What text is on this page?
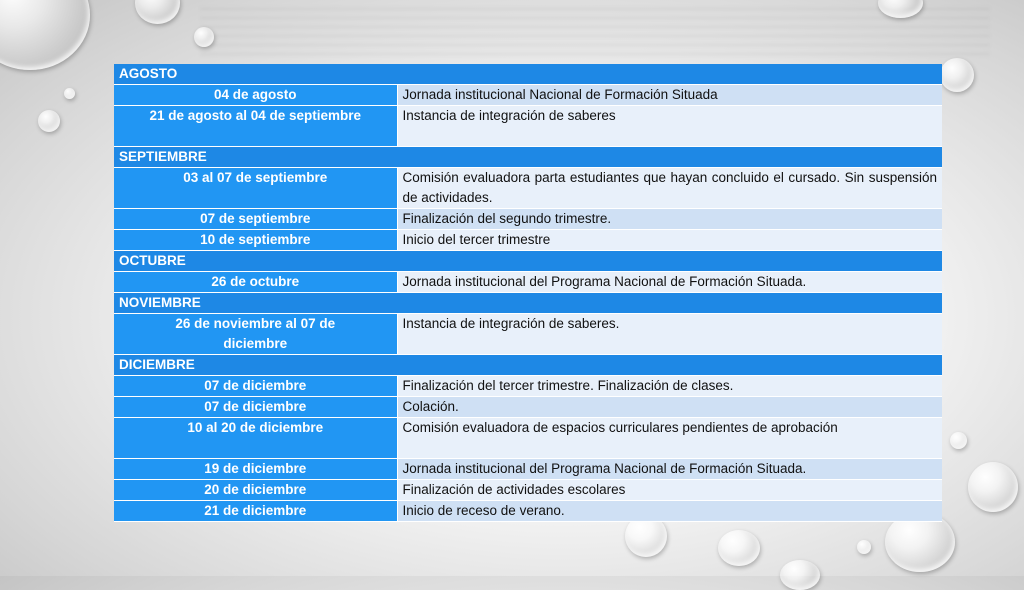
AGOSTO	
04 de agosto	Jornada institucional Nacional de Formación Situada
21 de agosto al 04 de septiembre	Instancia de integración de saberes
SEPTIEMBRE	
03 al 07 de septiembre	Comisión evaluadora parta estudiantes que hayan concluido el cursado. Sin suspensión de actividades.
07 de septiembre	Finalización del segundo trimestre.
10 de septiembre	Inicio del tercer trimestre
OCTUBRE	
26 de octubre	Jornada institucional del Programa Nacional de Formación Situada.
NOVIEMBRE	
26 de noviembre al 07 de diciembre	Instancia de integración de saberes.
DICIEMBRE	
07 de diciembre	Finalización del tercer trimestre. Finalización de clases.
07 de diciembre	Colación.
10 al 20 de diciembre	Comisión evaluadora de espacios curriculares pendientes de aprobación
19 de diciembre	Jornada institucional del Programa Nacional de Formación Situada.
20 de diciembre	Finalización de actividades escolares
21 de diciembre	Inicio de receso de verano.
